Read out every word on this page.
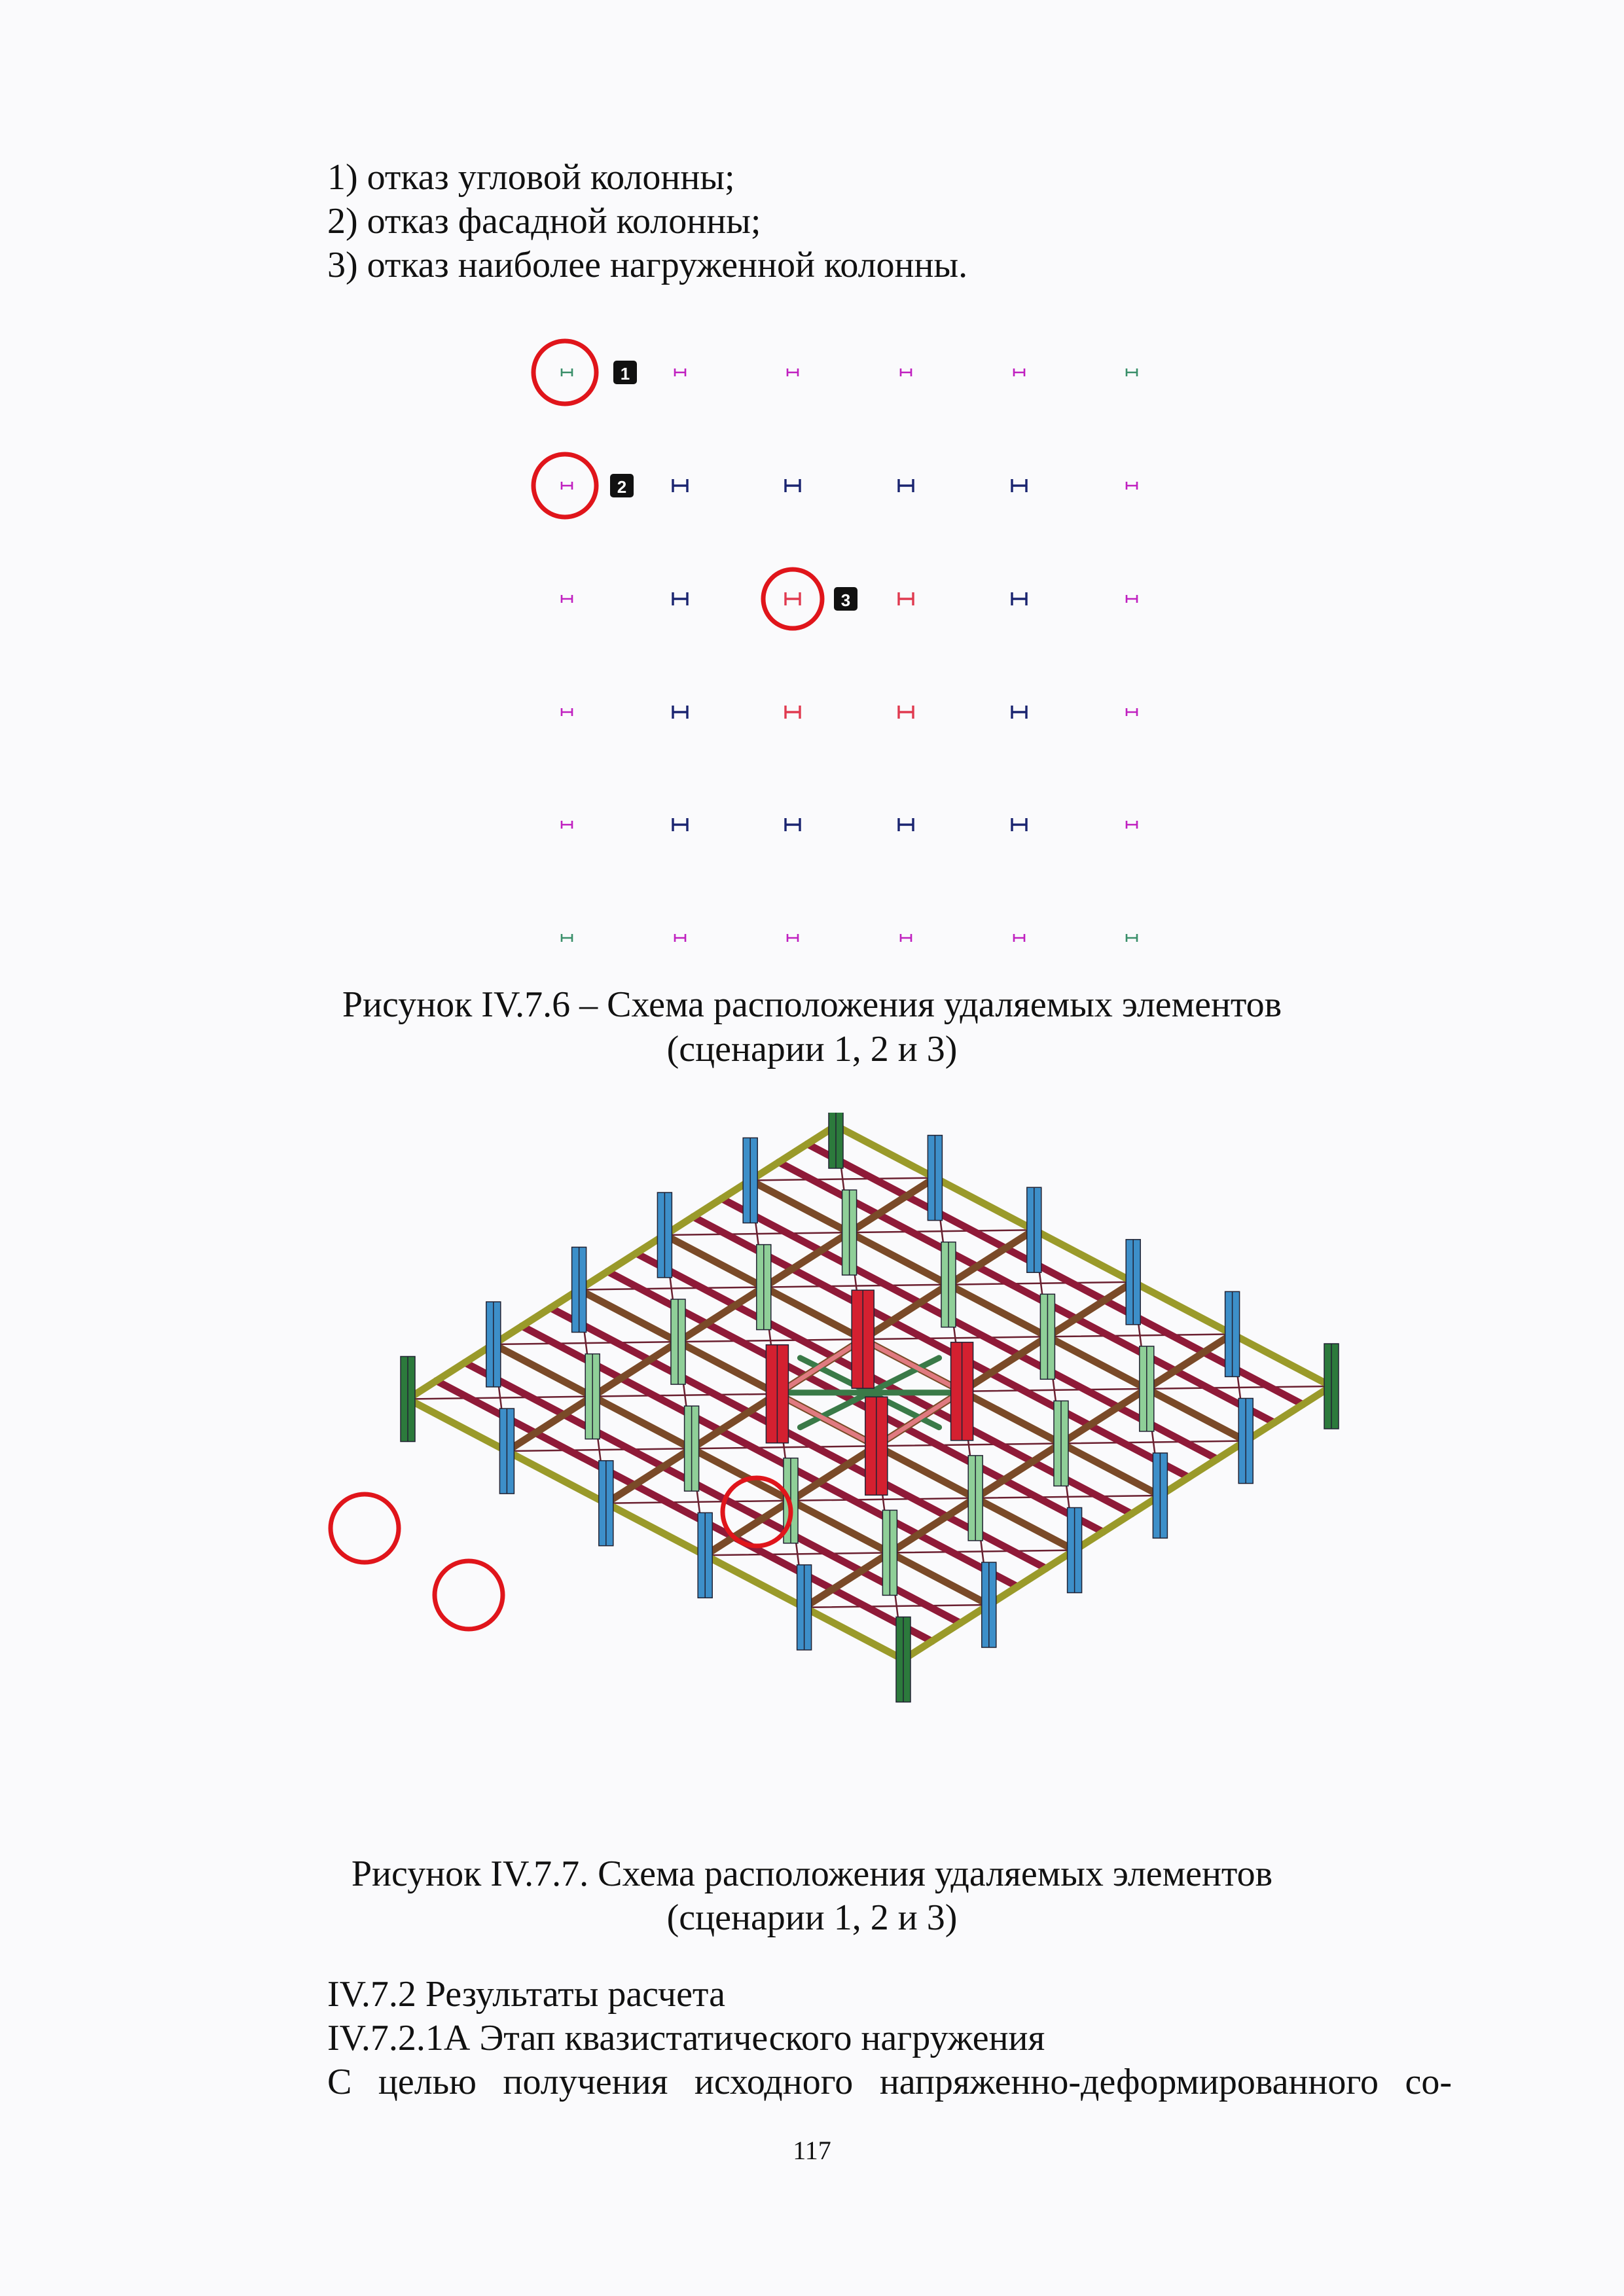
1) отказ угловой колонны;
2) отказ фасадной колонны;
3) отказ наиболее нагруженной колонны.
1
2
3
Рисунок IV.7.6 – Схема расположения удаляемых элементов
(сценарии 1, 2 и 3)
Рисунок IV.7.7. Схема расположения удаляемых элементов
(сценарии 1, 2 и 3)
IV.7.2 Результаты расчета
IV.7.2.1А Этап квазистатического нагружения
С целью получения исходного напряженно-деформированного со-
117
